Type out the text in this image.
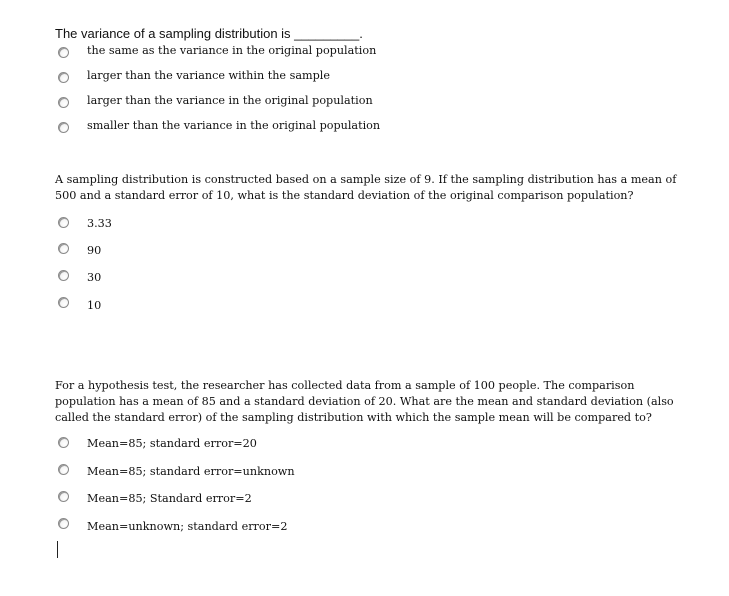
The variance of a sampling distribution is _________.
the same as the variance in the original population
larger than the variance within the sample
larger than the variance in the original population
smaller than the variance in the original population
A sampling distribution is constructed based on a sample size of 9. If the sampling distribution has a mean of 500 and a standard error of 10, what is the standard deviation of the original comparison population?
3.33
90
30
10
For a hypothesis test, the researcher has collected data from a sample of 100 people. The comparison population has a mean of 85 and a standard deviation of 20. What are the mean and standard deviation (also called the standard error) of the sampling distribution with which the sample mean will be compared to?
Mean=85; standard error=20
Mean=85; standard error=unknown
Mean=85; Standard error=2
Mean=unknown; standard error=2
